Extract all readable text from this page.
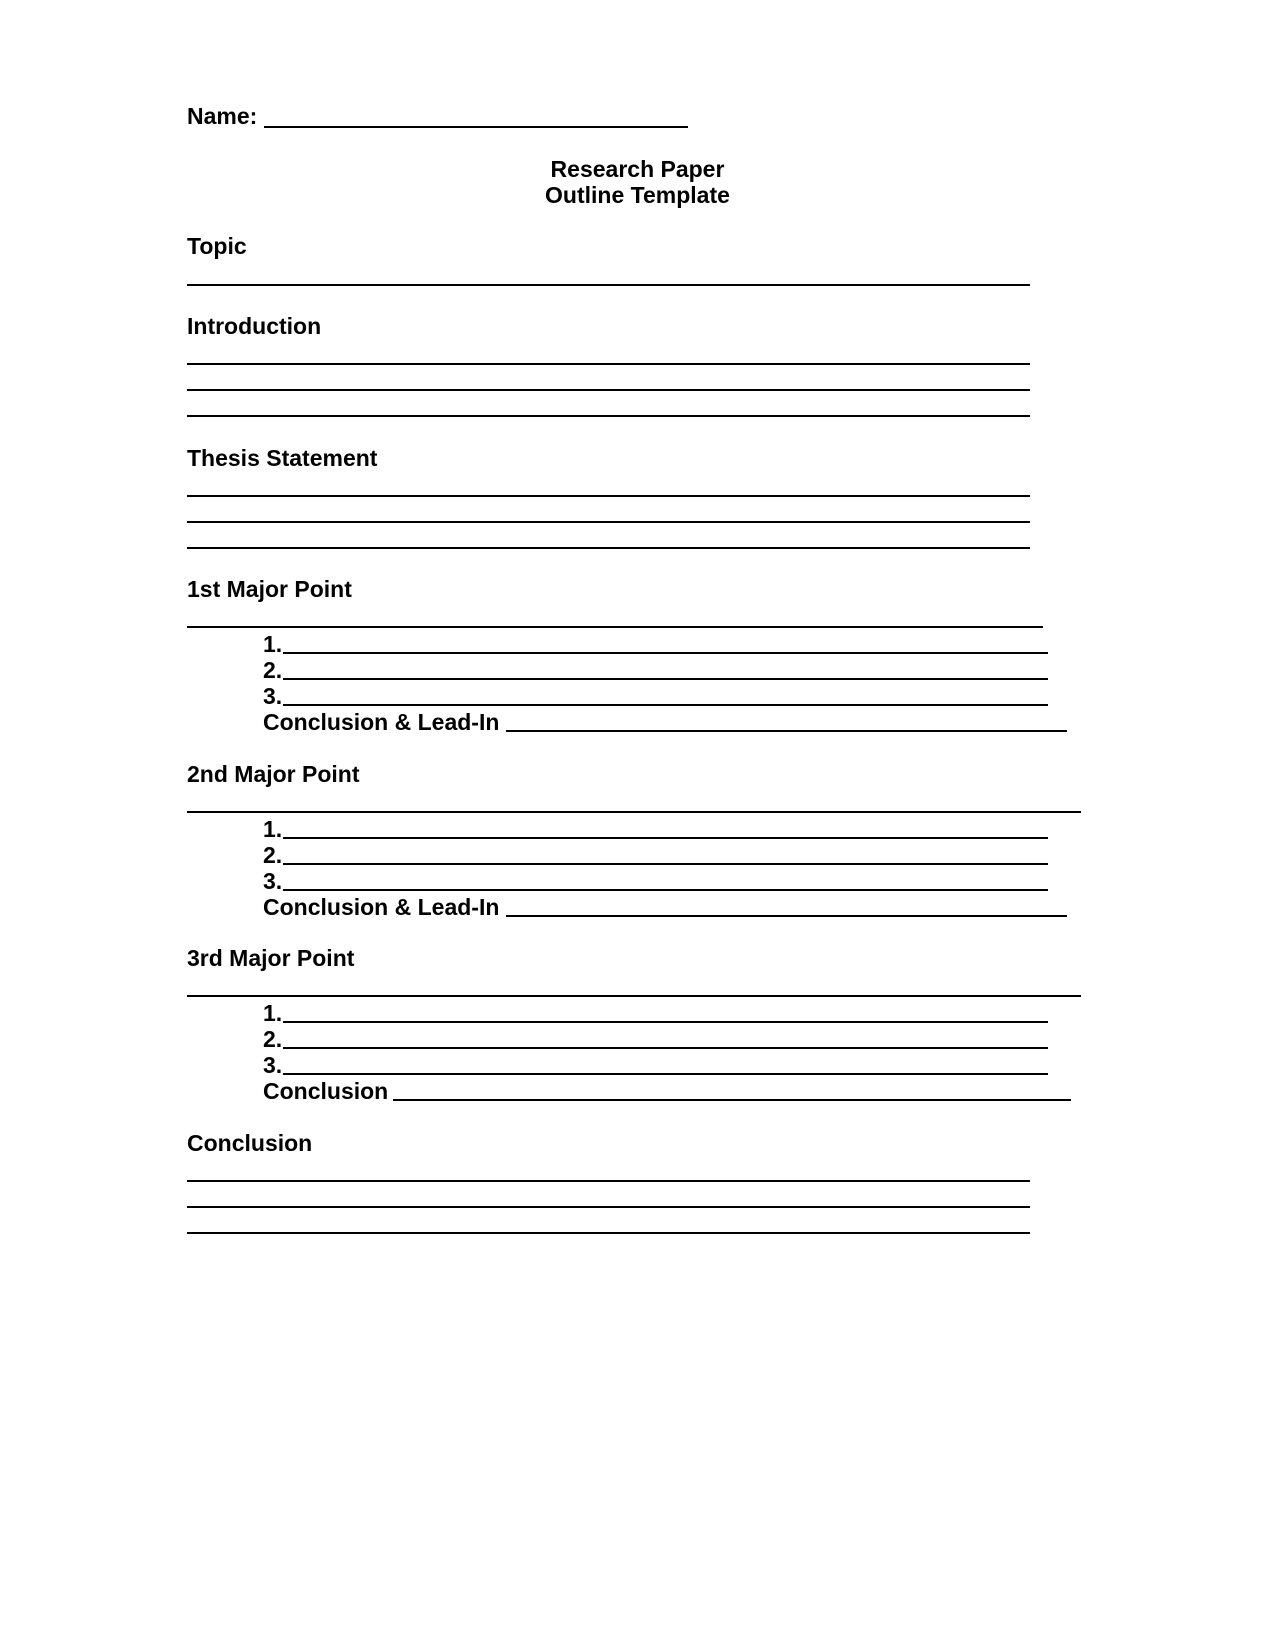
Name:
Research Paper
Outline Template
Topic
Introduction
Thesis Statement
1st Major Point
1.
2.
3.
Conclusion & Lead-In
2nd Major Point
1.
2.
3.
Conclusion & Lead-In
3rd Major Point
1.
2.
3.
Conclusion
Conclusion
